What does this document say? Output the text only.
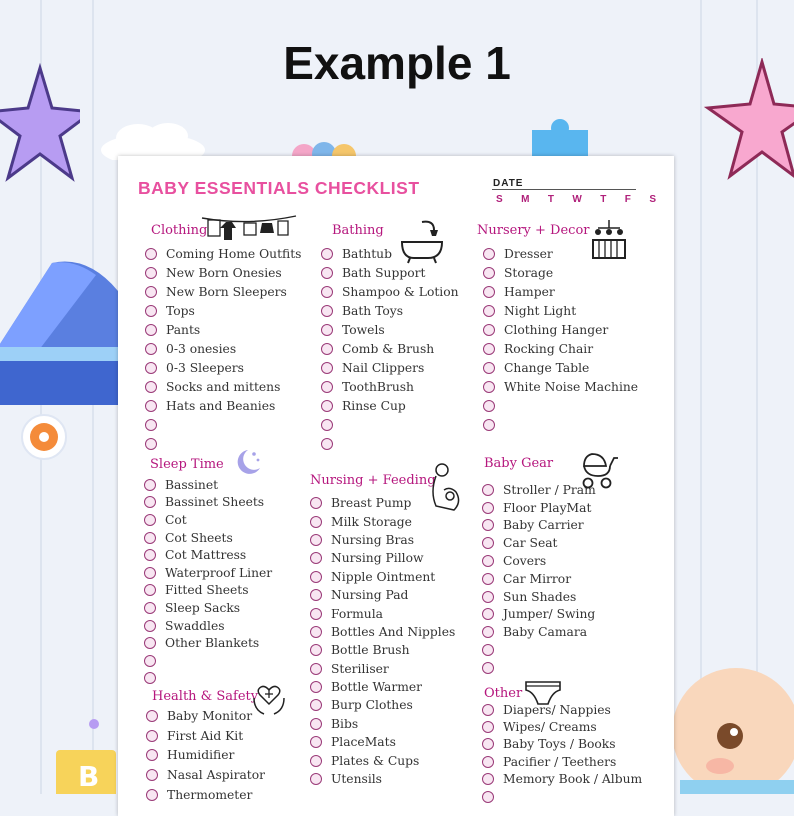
Example 1
B
BABY ESSENTIALS CHECKLIST	DATE
S M T W T F S
Clothing
Coming Home Outfits
New Born Onesies
New Born Sleepers
Tops
Pants
0-3 onesies
0-3 Sleepers
Socks and mittens
Hats and Beanies
Bathing
Bathtub
Bath Support
Shampoo & Lotion
Bath Toys
Towels
Comb & Brush
Nail Clippers
ToothBrush
Rinse Cup
Nursery + Decor
Dresser
Storage
Hamper
Night Light
Clothing Hanger
Rocking Chair
Change Table
White Noise Machine
Sleep Time
Bassinet
Bassinet Sheets
Cot
Cot Sheets
Cot Mattress
Waterproof Liner
Fitted Sheets
Sleep Sacks
Swaddles
Other Blankets
Nursing + Feeding
Breast Pump
Milk Storage
Nursing Bras
Nursing Pillow
Nipple Ointment
Nursing Pad
Formula
Bottles And Nipples
Bottle Brush
Steriliser
Bottle Warmer
Burp Clothes
Bibs
PlaceMats
Plates & Cups
Utensils
Baby Gear
Stroller / Pram
Floor PlayMat
Baby Carrier
Car Seat
Covers
Car Mirror
Sun Shades
Jumper/ Swing
Baby Camara
Health & Safety
Baby Monitor
First Aid Kit
Humidifier
Nasal Aspirator
Thermometer
Other
Diapers/ Nappies
Wipes/ Creams
Baby Toys / Books
Pacifier / Teethers
Memory Book / Album
